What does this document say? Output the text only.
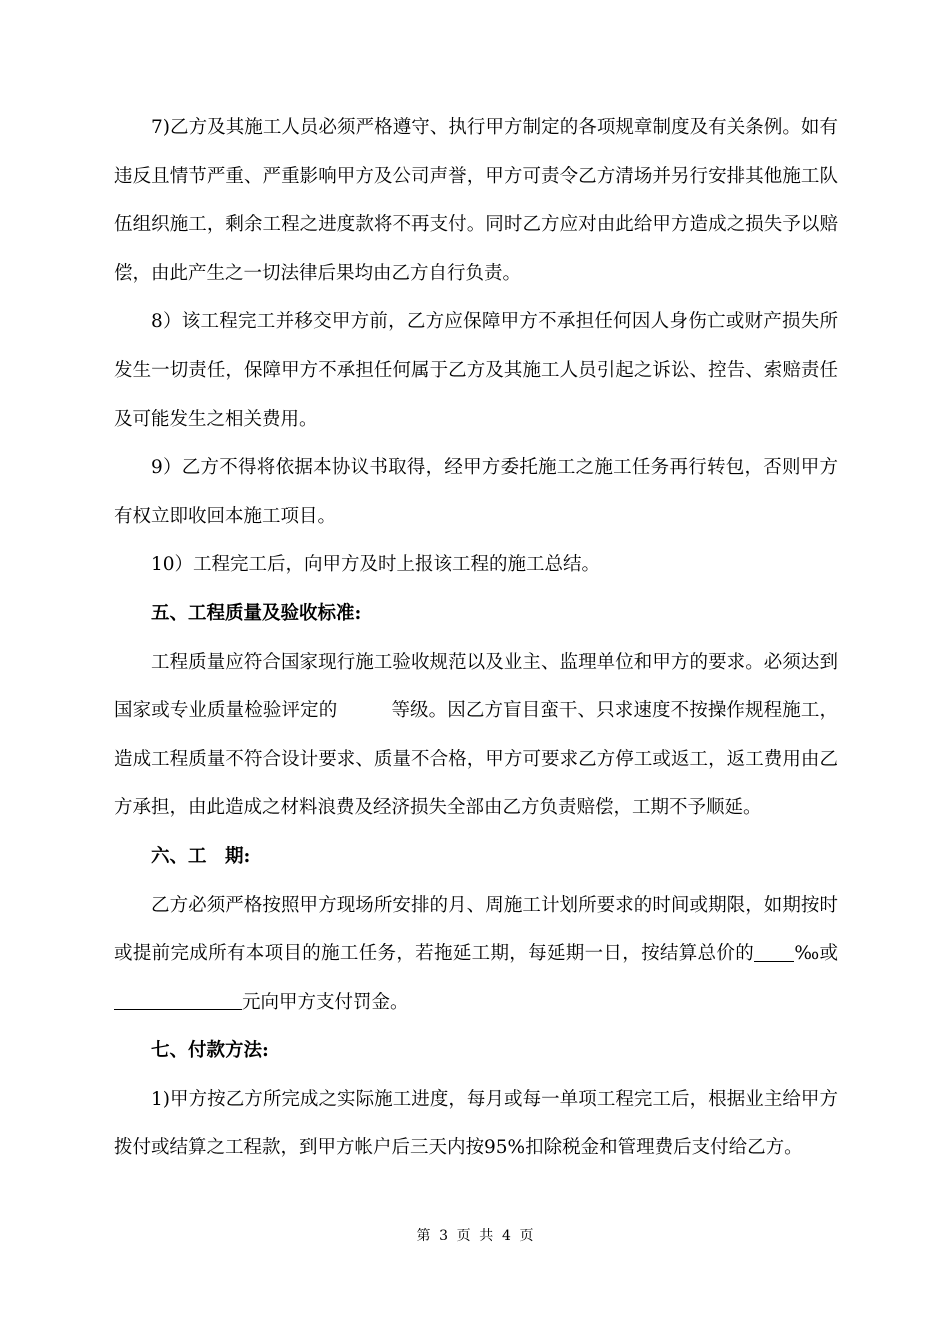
7)乙方及其施工人员必须严格遵守、执行甲方制定的各项规章制度及有关条例。如有违反且情节严重、严重影响甲方及公司声誉，甲方可责令乙方清场并另行安排其他施工队伍组织施工，剩余工程之进度款将不再支付。同时乙方应对由此给甲方造成之损失予以赔偿，由此产生之一切法律后果均由乙方自行负责。

8）该工程完工并移交甲方前，乙方应保障甲方不承担任何因人身伤亡或财产损失所发生一切责任，保障甲方不承担任何属于乙方及其施工人员引起之诉讼、控告、索赔责任及可能发生之相关费用。

9）乙方不得将依据本协议书取得，经甲方委托施工之施工任务再行转包，否则甲方有权立即收回本施工项目。

10）工程完工后，向甲方及时上报该工程的施工总结。

五、工程质量及验收标准:

工程质量应符合国家现行施工验收规范以及业主、监理单位和甲方的要求。必须达到国家或专业质量检验评定的	等级。因乙方盲目蛮干、只求速度不按操作规程施工，造成工程质量不符合设计要求、质量不合格，甲方可要求乙方停工或返工，返工费用由乙方承担，由此造成之材料浪费及经济损失全部由乙方负责赔偿，工期不予顺延。

六、工　期:

乙方必须严格按照甲方现场所安排的月、周施工计划所要求的时间或期限，如期按时或提前完成所有本项目的施工任务，若拖延工期，每延期一日，按结算总价的 ‰或元向甲方支付罚金。

七、付款方法:

1)甲方按乙方所完成之实际施工进度，每月或每一单项工程完工后，根据业主给甲方拨付或结算之工程款，到甲方帐户后三天内按95%扣除税金和管理费后支付给乙方。

第 3 页 共 4 页
